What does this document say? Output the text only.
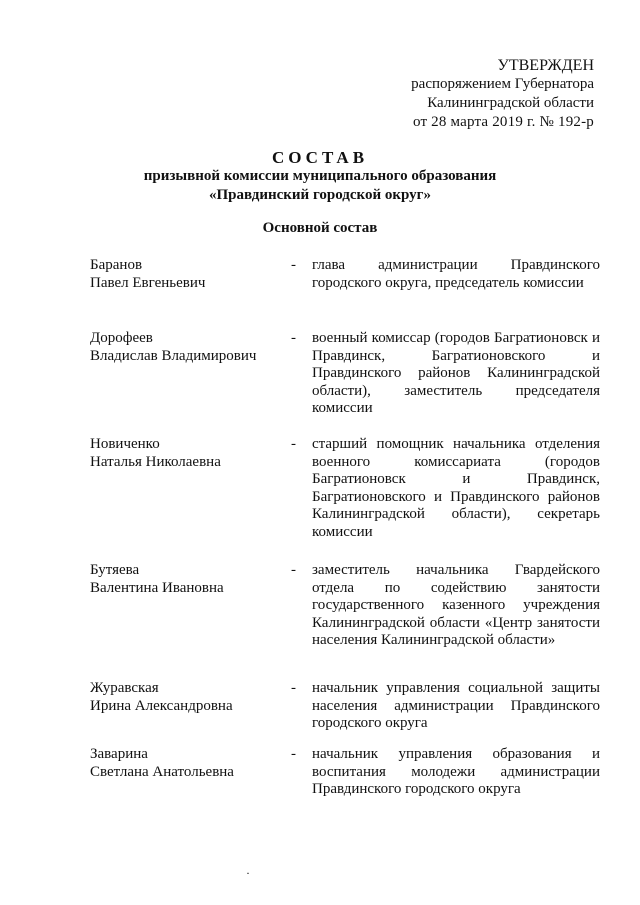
УТВЕРЖДЕН
распоряжением Губернатора
Калининградской области
от 28 марта 2019 г. № 192-р
СОСТАВ
призывной комиссии муниципального образования
«Правдинский городской округ»
Основной состав
Баранов
Павел Евгеньевич
- глава администрации Правдинского городского округа, председатель комиссии
Дорофеев
Владислав Владимирович
- военный комиссар (городов Багратионовск и Правдинск, Багратионовского и Правдинского районов Калининградской области), заместитель председателя комиссии
Новиченко
Наталья Николаевна
- старший помощник начальника отделения военного комиссариата (городов Багратионовск и Правдинск, Багратионовского и Правдинского районов Калининградской области), секретарь комиссии
Бутяева
Валентина Ивановна
- заместитель начальника Гвардейского отдела по содействию занятости государственного казенного учреждения Калининградской области «Центр занятости населения Калининградской области»
Журавская
Ирина Александровна
- начальник управления социальной защиты населения администрации Правдинского городского округа
Заварина
Светлана Анатольевна
- начальник управления образования и воспитания молодежи администрации Правдинского городского округа
·
